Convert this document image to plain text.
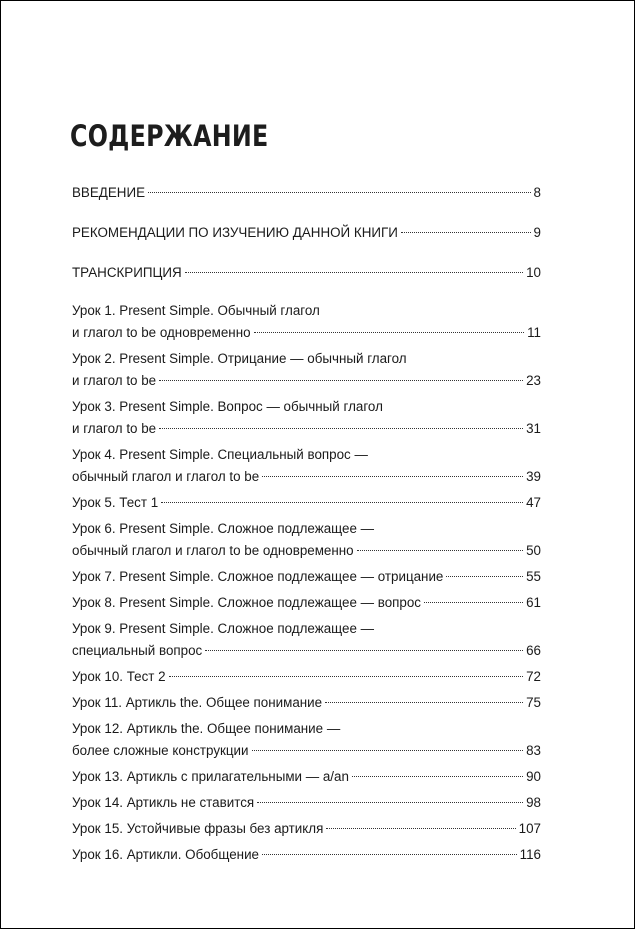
СОДЕРЖАНИЕ
ВВЕДЕНИЕ	8
РЕКОМЕНДАЦИИ ПО ИЗУЧЕНИЮ ДАННОЙ КНИГИ	9
ТРАНСКРИПЦИЯ	10
Урок 1. Present Simple. Обычный глагол
и глагол to be одновременно	11
Урок 2. Present Simple. Отрицание — обычный глагол
и глагол to be	23
Урок 3. Present Simple. Вопрос — обычный глагол
и глагол to be	31
Урок 4. Present Simple. Специальный вопрос —
обычный глагол и глагол to be	39
Урок 5. Тест 1	47
Урок 6. Present Simple. Сложное подлежащее —
обычный глагол и глагол to be одновременно	50
Урок 7. Present Simple. Сложное подлежащее — отрицание	55
Урок 8. Present Simple. Сложное подлежащее — вопрос	61
Урок 9. Present Simple. Сложное подлежащее —
специальный вопрос	66
Урок 10. Тест 2	72
Урок 11. Артикль the. Общее понимание	75
Урок 12. Артикль the. Общее понимание —
более сложные конструкции	83
Урок 13. Артикль с прилагательными — a/an	90
Урок 14. Артикль не ставится	98
Урок 15. Устойчивые фразы без артикля	107
Урок 16. Артикли. Обобщение	116
